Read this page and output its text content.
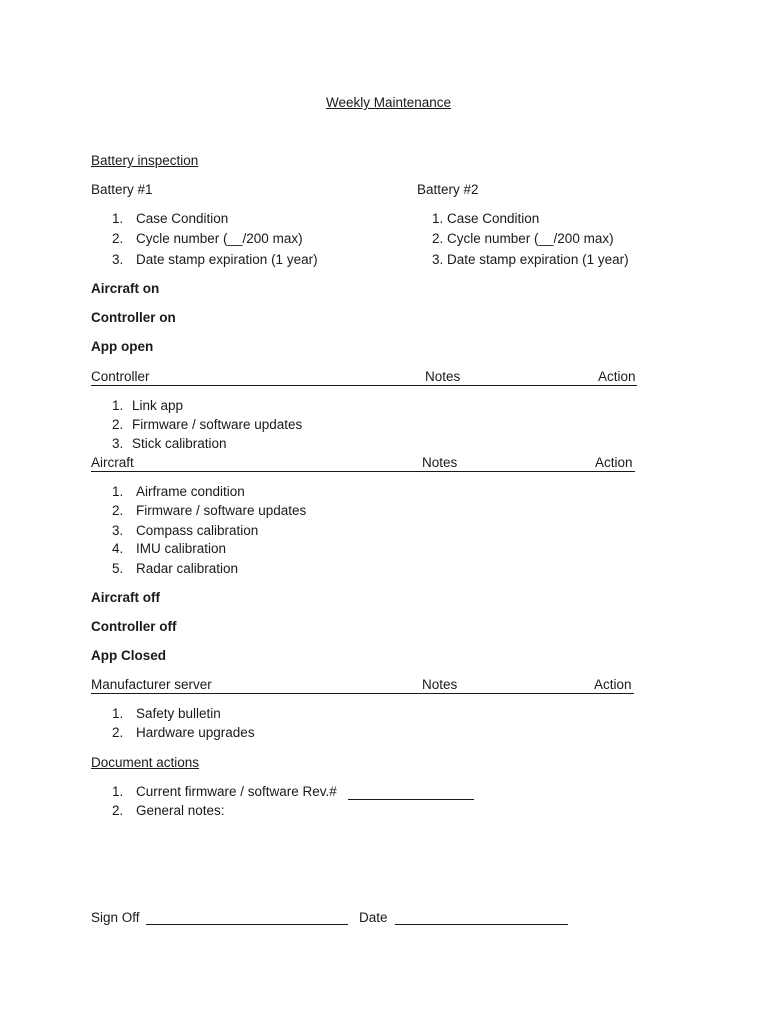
Weekly Maintenance
Battery inspection
Battery #1	Battery #2
1. Case Condition
2. Cycle number (__/200 max)
3. Date stamp expiration (1 year)
1. Case Condition
2. Cycle number (__/200 max)
3. Date stamp expiration (1 year)
Aircraft on
Controller on
App open
Controller	Notes	Action
1. Link app
2. Firmware / software updates
3. Stick calibration
Aircraft	Notes	Action
1. Airframe condition
2. Firmware / software updates
3. Compass calibration
4. IMU calibration
5. Radar calibration
Aircraft off
Controller off
App Closed
Manufacturer server	Notes	Action
1. Safety bulletin
2. Hardware upgrades
Document actions
1. Current firmware / software Rev.#
2. General notes:
Sign Off	Date
